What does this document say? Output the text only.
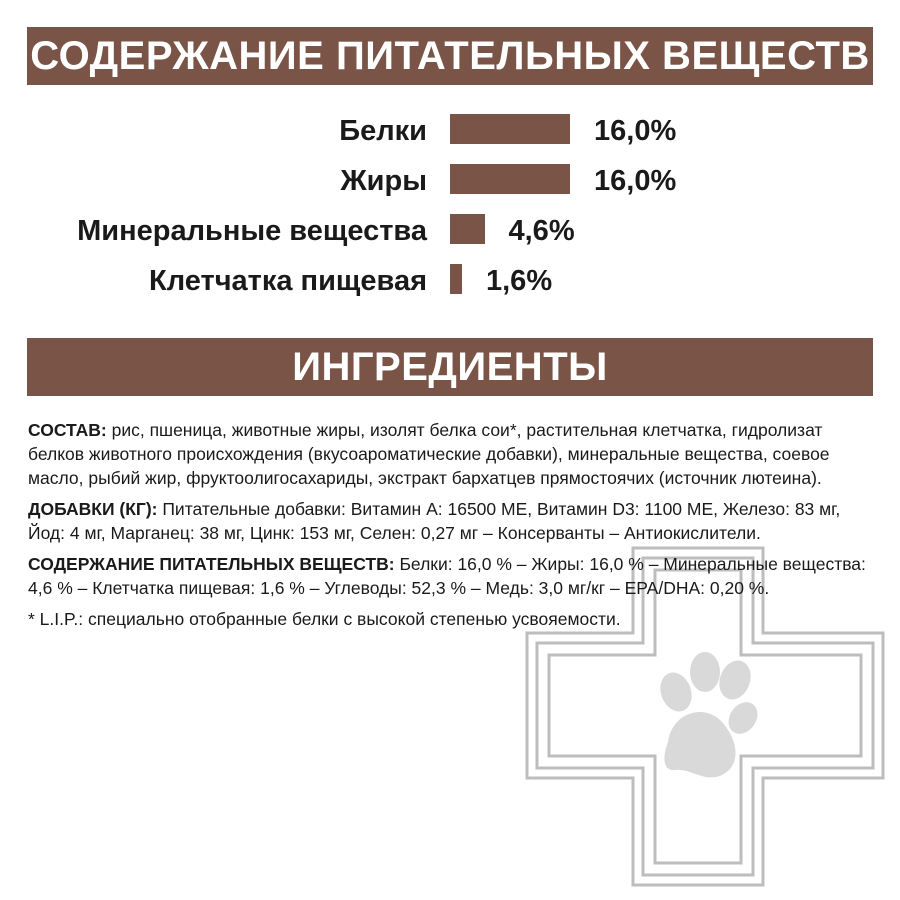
СОДЕРЖАНИЕ ПИТАТЕЛЬНЫХ ВЕЩЕСТВ
Белки	16,0%
Жиры	16,0%
Минеральные вещества	4,6%
Клетчатка пищевая 1,6%
ИНГРЕДИЕНТЫ

СОСТАВ: рис, пшеница, животные жиры, изолят белка сои*, растительная клетчатка, гидролизат белков животного происхождения (вкусоароматические добавки), минеральные вещества, соевое масло, рыбий жир, фруктоолигосахариды, экстракт бархатцев прямостоячих (источник лютеина).

ДОБАВКИ (КГ): Питательные добавки: Витамин А: 16500 МЕ, Витамин D3: 1100 МЕ, Железо: 83 мг, Йод: 4 мг, Марганец: 38 мг, Цинк: 153 мг, Селен: 0,27 мг – Консерванты – Антиокислители.

СОДЕРЖАНИЕ ПИТАТЕЛЬНЫХ ВЕЩЕСТВ: Белки: 16,0 % – Жиры: 16,0 % – Минеральные вещества: 4,6 % – Клетчатка пищевая: 1,6 % – Углеводы: 52,3 % – Медь: 3,0 мг/кг – EPA/DHA: 0,20 %.

* L.I.P.: специально отобранные белки с высокой степенью усвояемости.
